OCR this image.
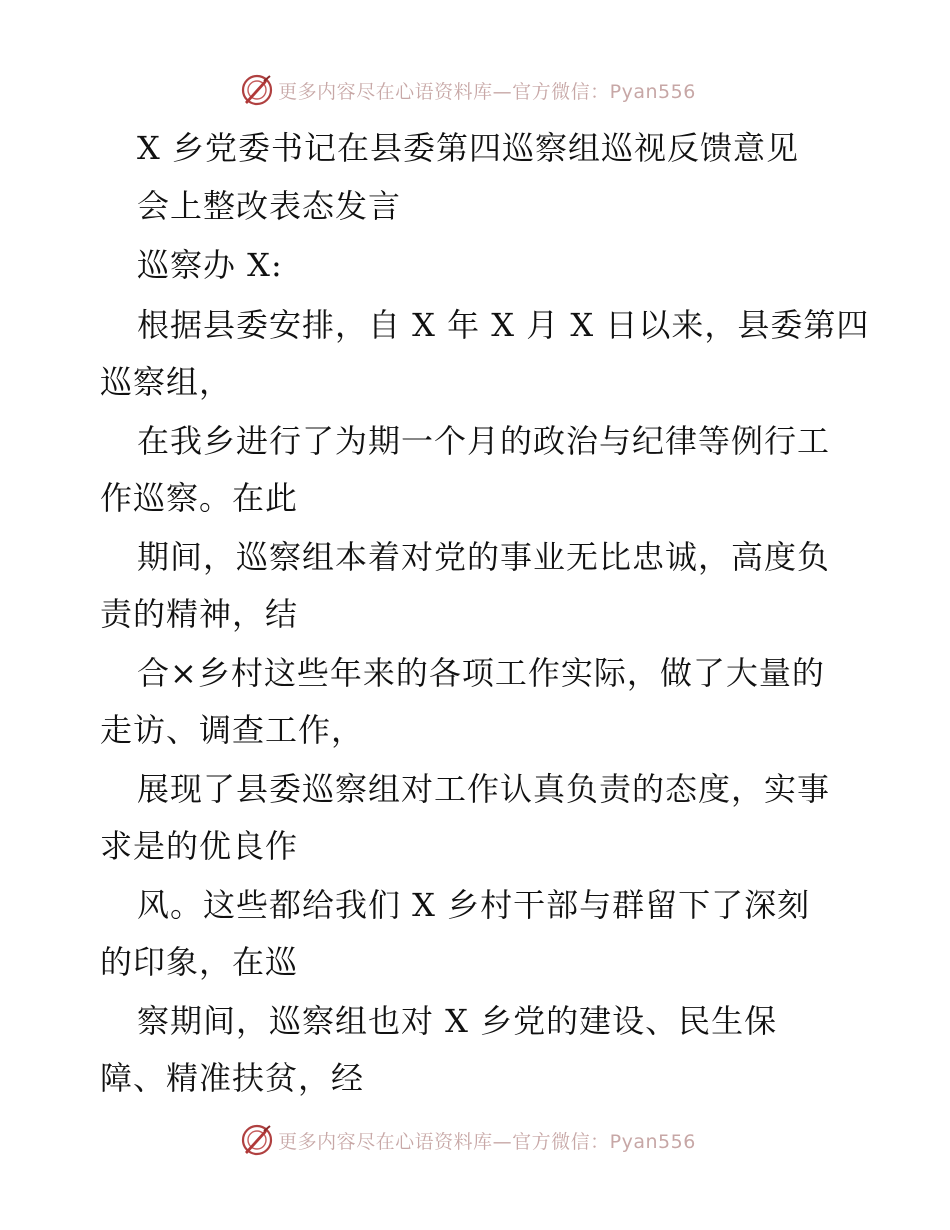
更多内容尽在心语资料库—官方微信：Pyan556
X 乡党委书记在县委第四巡察组巡视反馈意见
会上整改表态发言
巡察办 X:
根据县委安排，自 X 年 X 月 X 日以来，县委第四
巡察组，
在我乡进行了为期一个月的政治与纪律等例行工
作巡察。在此
期间，巡察组本着对党的事业无比忠诚，高度负
责的精神，结
合×乡村这些年来的各项工作实际，做了大量的
走访、调查工作，
展现了县委巡察组对工作认真负责的态度，实事
求是的优良作
风。这些都给我们 X 乡村干部与群留下了深刻
的印象，在巡
察期间，巡察组也对 X 乡党的建设、民生保
障、精准扶贫，经
更多内容尽在心语资料库—官方微信：Pyan556
